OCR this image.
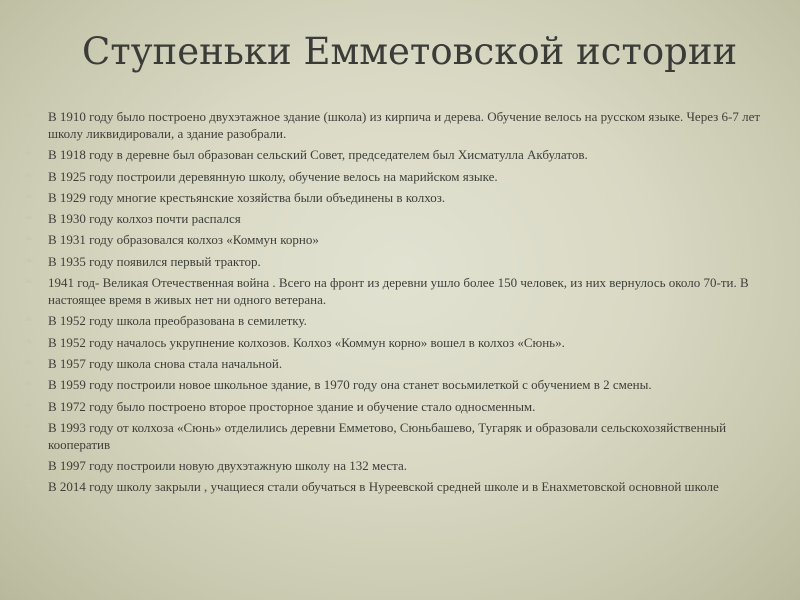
Ступеньки Емметовской истории
❧ В 1910 году было построено двухэтажное здание (школа) из кирпича и дерева. Обучение велось на русском языке. Через 6-7 лет школу ликвидировали, а здание разобрали.
❧ В 1918 году в деревне был образован сельский Совет, председателем был Хисматулла Акбулатов.
❧ В 1925 году построили деревянную школу, обучение велось на марийском языке.
❧ В 1929 году многие крестьянские хозяйства были объединены в колхоз.
❧ В 1930 году колхоз почти распался
❧ В 1931 году образовался колхоз «Коммун корно»
❧ В 1935 году появился первый трактор.
❧ 1941 год- Великая Отечественная война . Всего на фронт из деревни ушло более 150 человек, из них вернулось около 70-ти. В настоящее время в живых нет ни одного ветерана.
❧ В 1952 году школа преобразована в семилетку.
❧ В 1952 году началось укрупнение колхозов. Колхоз «Коммун корно» вошел в колхоз «Сюнь».
❧ В 1957 году школа снова стала начальной.
❧ В 1959 году построили новое школьное здание, в 1970 году она станет восьмилеткой с обучением в 2 смены.
❧ В 1972 году было построено второе просторное здание и обучение стало односменным.
❧ В 1993 году от колхоза «Сюнь» отделились деревни Емметово, Сюньбашево, Тугаряк и образовали сельскохозяйственный кооператив
❧ В 1997 году построили новую двухэтажную школу на 132 места.
❧ В 2014 году школу закрыли , учащиеся стали обучаться в Нуреевской средней школе и в Енахметовской основной школе
